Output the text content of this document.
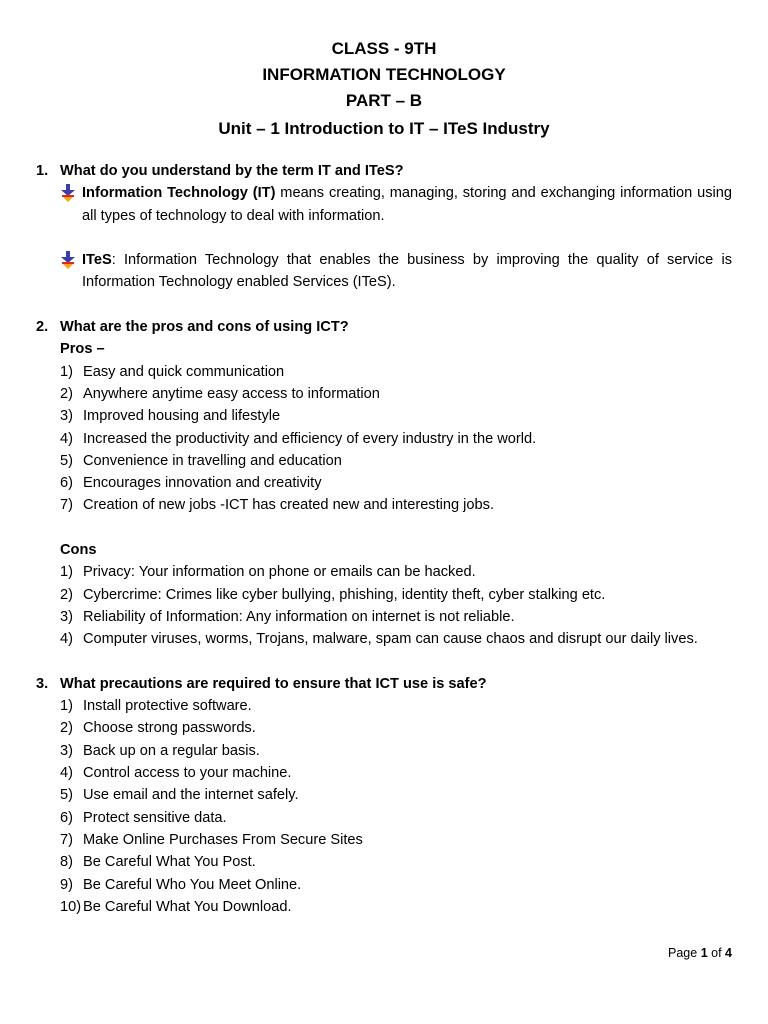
CLASS - 9TH
INFORMATION TECHNOLOGY
PART – B
Unit – 1 Introduction to IT – ITeS Industry
1. What do you understand by the term IT and ITeS?
Information Technology (IT) means creating, managing, storing and exchanging information using all types of technology to deal with information.
ITeS: Information Technology that enables the business by improving the quality of service is Information Technology enabled Services (ITeS).
2. What are the pros and cons of using ICT?
Pros –
1) Easy and quick communication
2) Anywhere anytime easy access to information
3) Improved housing and lifestyle
4) Increased the productivity and efficiency of every industry in the world.
5) Convenience in travelling and education
6) Encourages innovation and creativity
7) Creation of new jobs -ICT has created new and interesting jobs.
Cons
1) Privacy: Your information on phone or emails can be hacked.
2) Cybercrime: Crimes like cyber bullying, phishing, identity theft, cyber stalking etc.
3) Reliability of Information: Any information on internet is not reliable.
4) Computer viruses, worms, Trojans, malware, spam can cause chaos and disrupt our daily lives.
3. What precautions are required to ensure that ICT use is safe?
1) Install protective software.
2) Choose strong passwords.
3) Back up on a regular basis.
4) Control access to your machine.
5) Use email and the internet safely.
6) Protect sensitive data.
7) Make Online Purchases From Secure Sites
8) Be Careful What You Post.
9) Be Careful Who You Meet Online.
10) Be Careful What You Download.
Page 1 of 4
